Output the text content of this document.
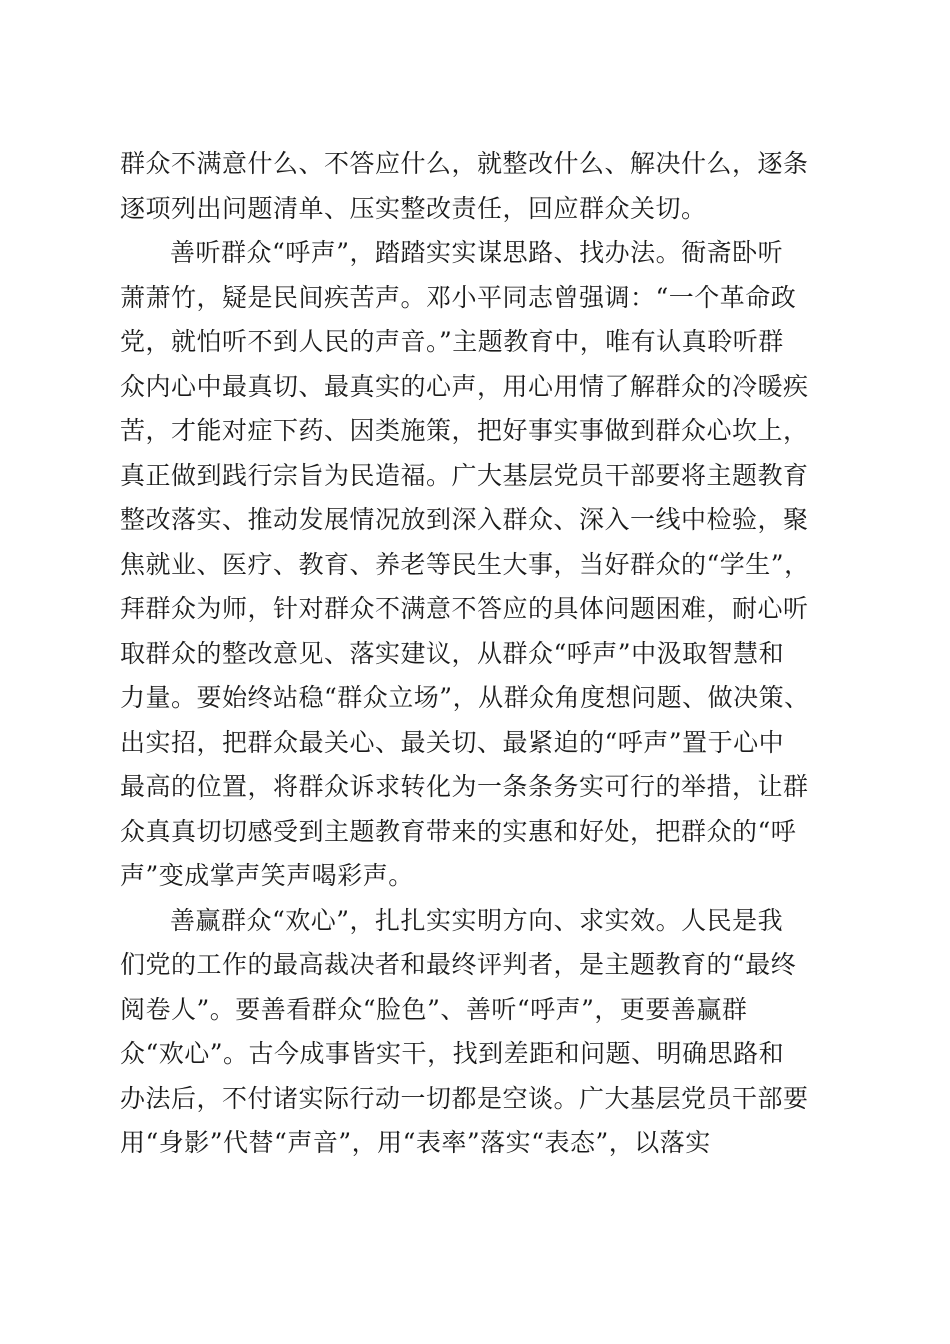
群众不满意什么、不答应什么，就整改什么、解决什么，逐条
逐项列出问题清单、压实整改责任，回应群众关切。
善听群众“呼声”，踏踏实实谋思路、找办法。衙斋卧听
萧萧竹，疑是民间疾苦声。邓小平同志曾强调：“一个革命政
党，就怕听不到人民的声音。”主题教育中，唯有认真聆听群
众内心中最真切、最真实的心声，用心用情了解群众的冷暖疾
苦，才能对症下药、因类施策，把好事实事做到群众心坎上，
真正做到践行宗旨为民造福。广大基层党员干部要将主题教育
整改落实、推动发展情况放到深入群众、深入一线中检验，聚
焦就业、医疗、教育、养老等民生大事，当好群众的“学生”，
拜群众为师，针对群众不满意不答应的具体问题困难，耐心听
取群众的整改意见、落实建议，从群众“呼声”中汲取智慧和
力量。要始终站稳“群众立场”，从群众角度想问题、做决策、
出实招，把群众最关心、最关切、最紧迫的“呼声”置于心中
最高的位置，将群众诉求转化为一条条务实可行的举措，让群
众真真切切感受到主题教育带来的实惠和好处，把群众的“呼
声”变成掌声笑声喝彩声。
善赢群众“欢心”，扎扎实实明方向、求实效。人民是我
们党的工作的最高裁决者和最终评判者，是主题教育的“最终
阅卷人”。要善看群众“脸色”、善听“呼声”，更要善赢群
众“欢心”。古今成事皆实干，找到差距和问题、明确思路和
办法后，不付诸实际行动一切都是空谈。广大基层党员干部要
用“身影”代替“声音”，用“表率”落实“表态”，以落实
